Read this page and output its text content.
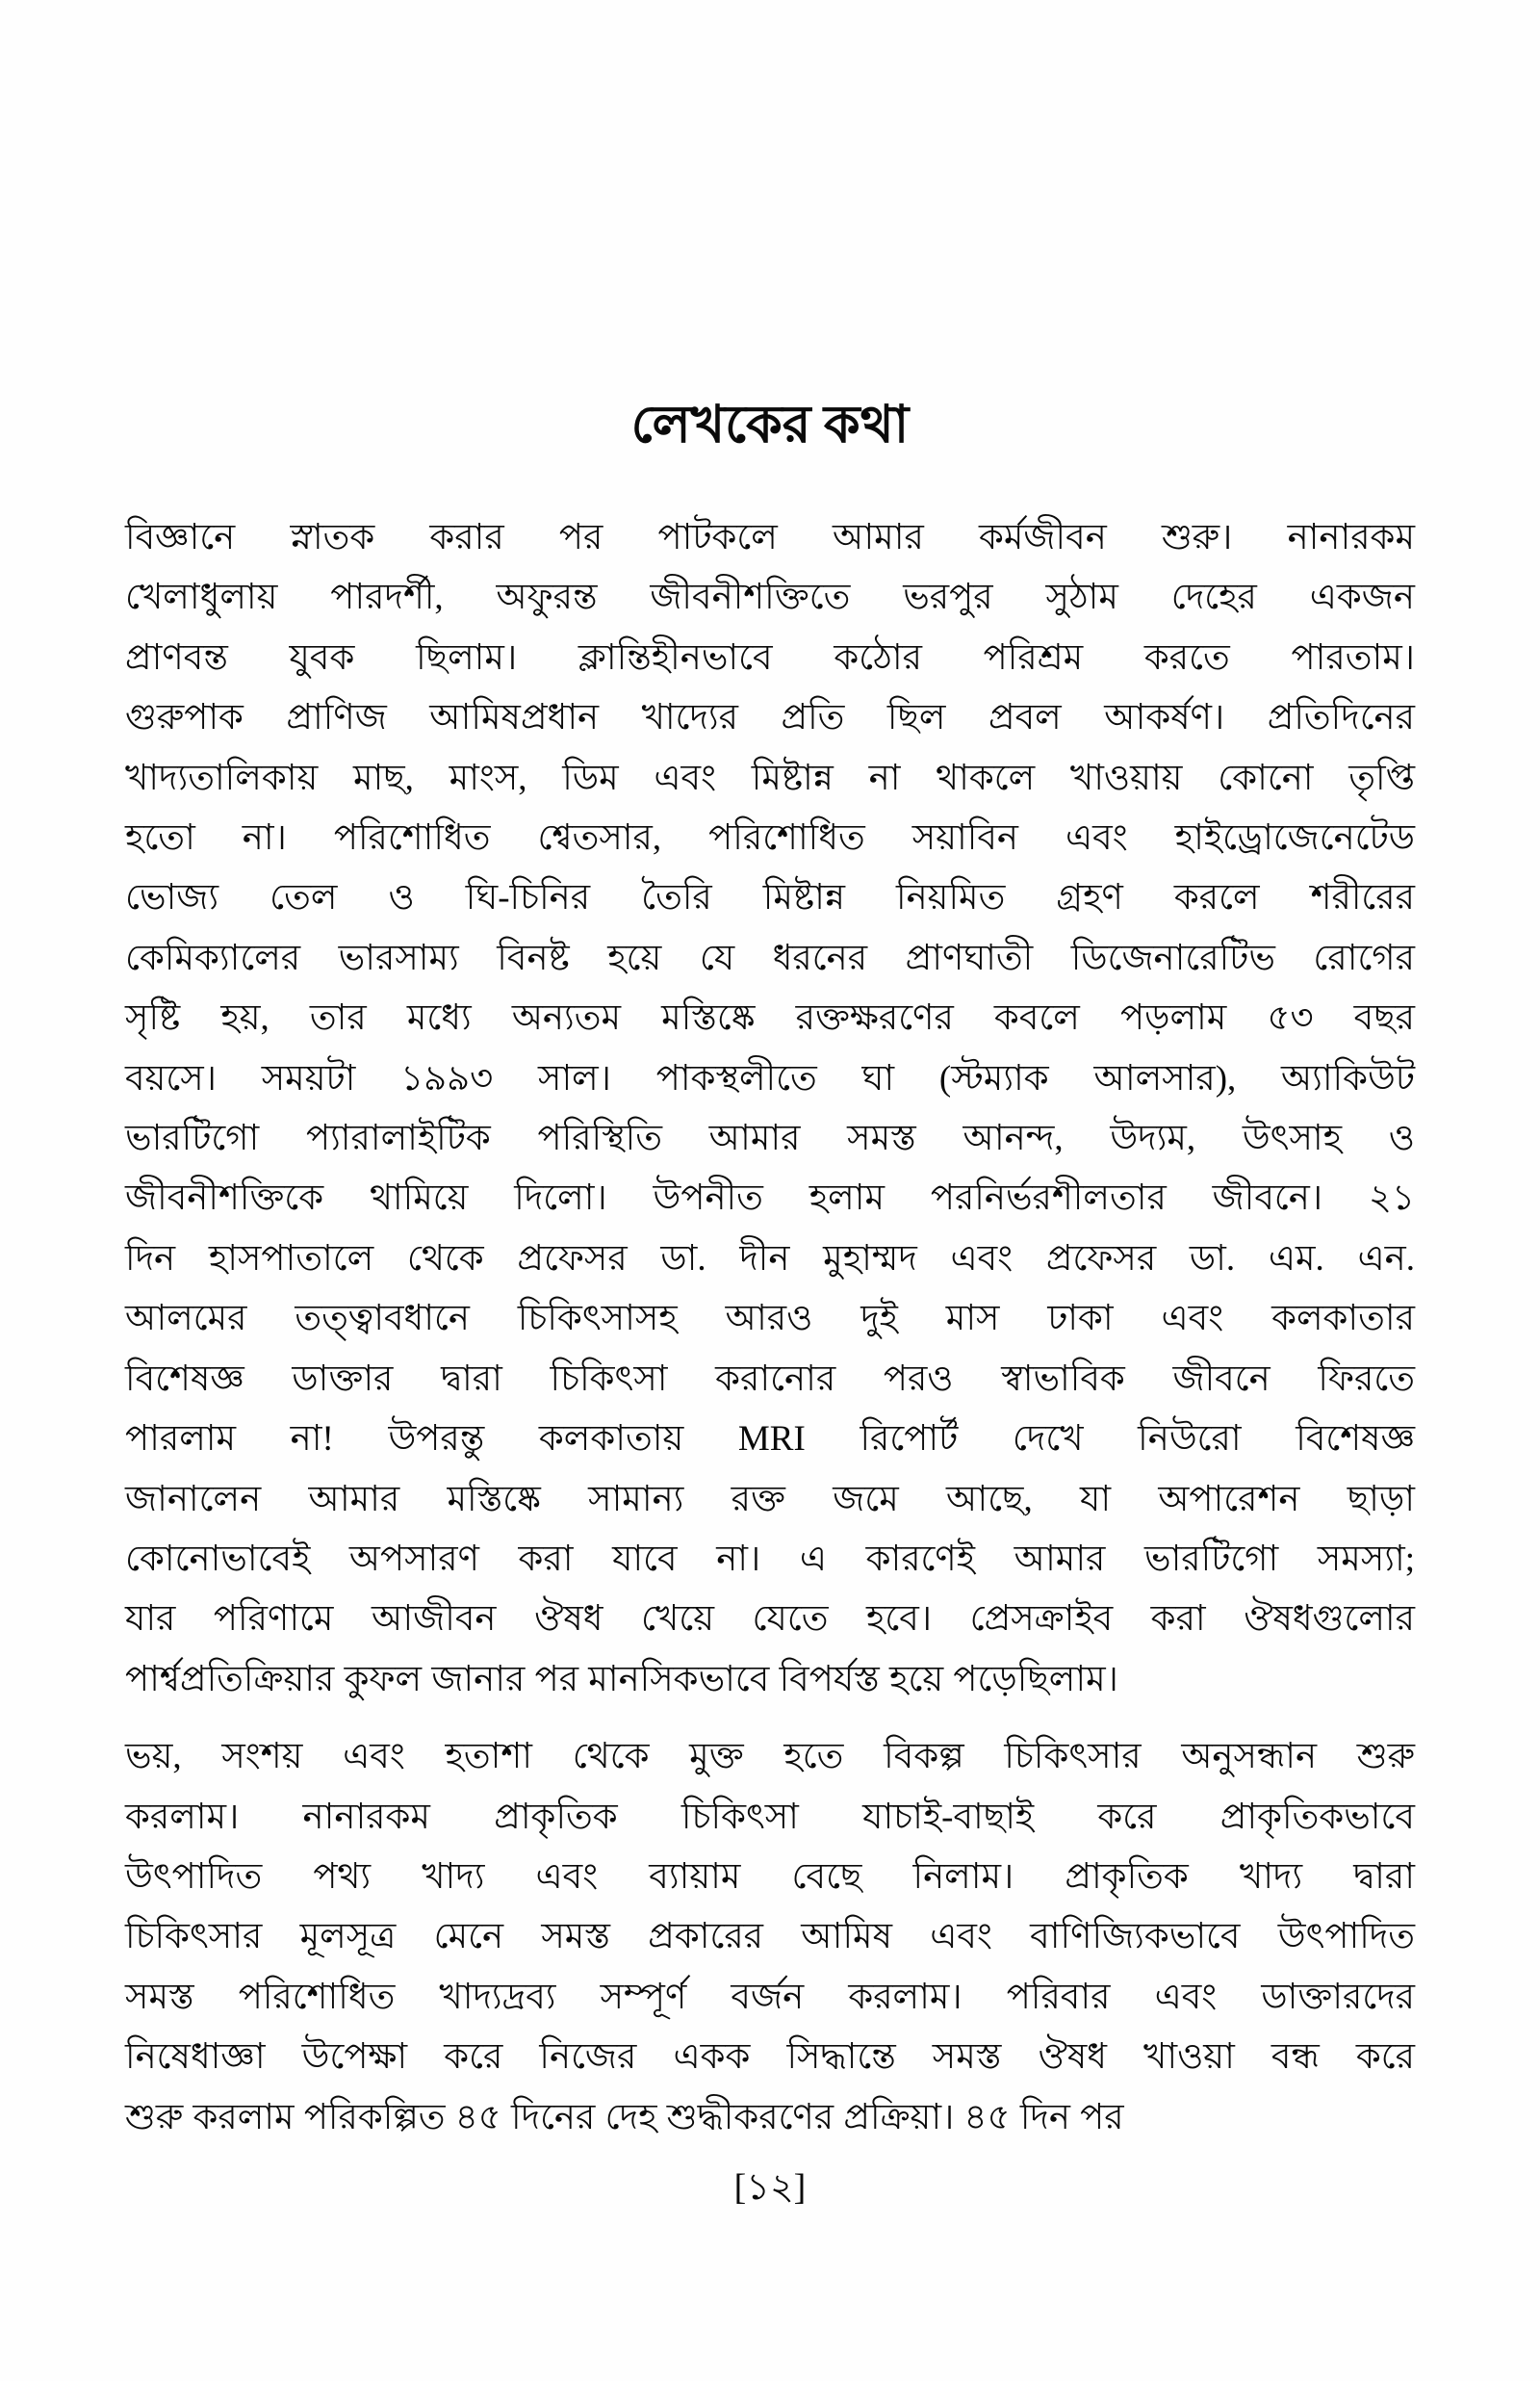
লেখকের কথা
বিজ্ঞানে স্নাতক করার পর পাটকলে আমার কর্মজীবন শুরু। নানারকম
খেলাধুলায় পারদর্শী, অফুরন্ত জীবনীশক্তিতে ভরপুর সুঠাম দেহের একজন
প্রাণবন্ত যুবক ছিলাম। ক্লান্তিহীনভাবে কঠোর পরিশ্রম করতে পারতাম।
গুরুপাক প্রাণিজ আমিষপ্রধান খাদ্যের প্রতি ছিল প্রবল আকর্ষণ। প্রতিদিনের
খাদ্যতালিকায় মাছ, মাংস, ডিম এবং মিষ্টান্ন না থাকলে খাওয়ায় কোনো তৃপ্তি
হতো না। পরিশোধিত শ্বেতসার, পরিশোধিত সয়াবিন এবং হাইড্রোজেনেটেড
ভোজ্য তেল ও ঘি-চিনির তৈরি মিষ্টান্ন নিয়মিত গ্রহণ করলে শরীরের
কেমিক্যালের ভারসাম্য বিনষ্ট হয়ে যে ধরনের প্রাণঘাতী ডিজেনারেটিভ রোগের
সৃষ্টি হয়, তার মধ্যে অন্যতম মস্তিষ্কে রক্তক্ষরণের কবলে পড়লাম ৫৩ বছর
বয়সে। সময়টা ১৯৯৩ সাল। পাকস্থলীতে ঘা (স্টম্যাক আলসার), অ্যাকিউট
ভারটিগো প্যারালাইটিক পরিস্থিতি আমার সমস্ত আনন্দ, উদ্যম, উৎসাহ ও
জীবনীশক্তিকে থামিয়ে দিলো। উপনীত হলাম পরনির্ভরশীলতার জীবনে। ২১
দিন হাসপাতালে থেকে প্রফেসর ডা. দীন মুহাম্মদ এবং প্রফেসর ডা. এম. এন.
আলমের তত্ত্বাবধানে চিকিৎসাসহ আরও দুই মাস ঢাকা এবং কলকাতার
বিশেষজ্ঞ ডাক্তার দ্বারা চিকিৎসা করানোর পরও স্বাভাবিক জীবনে ফিরতে
পারলাম না! উপরন্তু কলকাতায় MRI রিপোর্ট দেখে নিউরো বিশেষজ্ঞ
জানালেন আমার মস্তিষ্কে সামান্য রক্ত জমে আছে, যা অপারেশন ছাড়া
কোনোভাবেই অপসারণ করা যাবে না। এ কারণেই আমার ভারটিগো সমস্যা;
যার পরিণামে আজীবন ঔষধ খেয়ে যেতে হবে। প্রেসক্রাইব করা ঔষধগুলোর
পার্শ্বপ্রতিক্রিয়ার কুফল জানার পর মানসিকভাবে বিপর্যস্ত হয়ে পড়েছিলাম।
ভয়, সংশয় এবং হতাশা থেকে মুক্ত হতে বিকল্প চিকিৎসার অনুসন্ধান শুরু
করলাম। নানারকম প্রাকৃতিক চিকিৎসা যাচাই-বাছাই করে প্রাকৃতিকভাবে
উৎপাদিত পথ্য খাদ্য এবং ব্যায়াম বেছে নিলাম। প্রাকৃতিক খাদ্য দ্বারা
চিকিৎসার মূলসূত্র মেনে সমস্ত প্রকারের আমিষ এবং বাণিজ্যিকভাবে উৎপাদিত
সমস্ত পরিশোধিত খাদ্যদ্রব্য সম্পূর্ণ বর্জন করলাম। পরিবার এবং ডাক্তারদের
নিষেধাজ্ঞা উপেক্ষা করে নিজের একক সিদ্ধান্তে সমস্ত ঔষধ খাওয়া বন্ধ করে
শুরু করলাম পরিকল্পিত ৪৫ দিনের দেহ শুদ্ধীকরণের প্রক্রিয়া। ৪৫ দিন পর
[১২]
